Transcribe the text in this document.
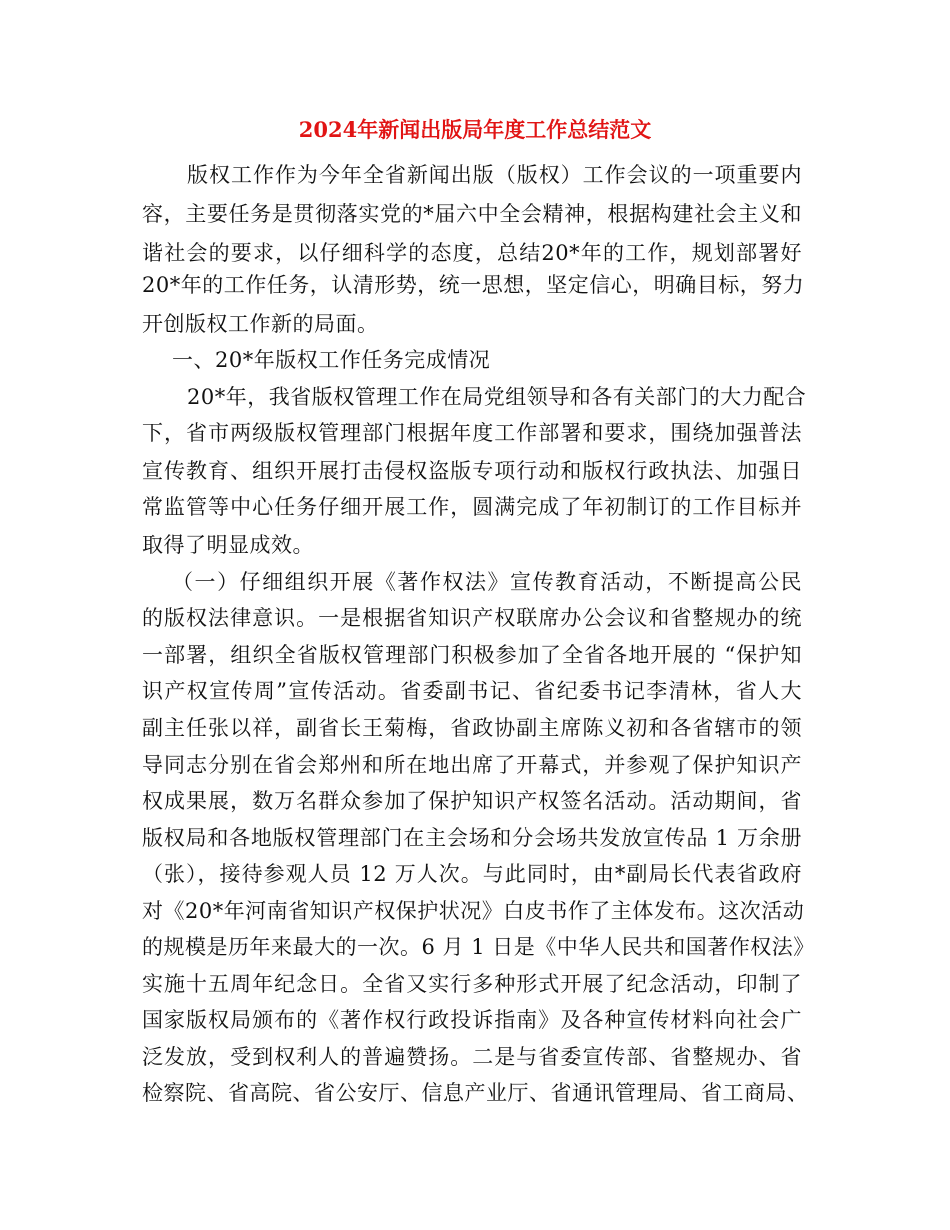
2024年新闻出版局年度工作总结范文
版权工作作为今年全省新闻出版（版权）工作会议的一项重要内
容，主要任务是贯彻落实党的*届六中全会精神，根据构建社会主义和
谐社会的要求，以仔细科学的态度，总结20*年的工作，规划部署好
20*年的工作任务，认清形势，统一思想，坚定信心，明确目标，努力
开创版权工作新的局面。
一、20*年版权工作任务完成情况
20*年，我省版权管理工作在局党组领导和各有关部门的大力配合
下，省市两级版权管理部门根据年度工作部署和要求，围绕加强普法
宣传教育、组织开展打击侵权盗版专项行动和版权行政执法、加强日
常监管等中心任务仔细开展工作，圆满完成了年初制订的工作目标并
取得了明显成效。
（一）仔细组织开展《著作权法》宣传教育活动，不断提高公民
的版权法律意识。一是根据省知识产权联席办公会议和省整规办的统
一部署，组织全省版权管理部门积极参加了全省各地开展的 “保护知
识产权宣传周”宣传活动。省委副书记、省纪委书记李清林，省人大
副主任张以祥，副省长王菊梅，省政协副主席陈义初和各省辖市的领
导同志分别在省会郑州和所在地出席了开幕式，并参观了保护知识产
权成果展，数万名群众参加了保护知识产权签名活动。活动期间，省
版权局和各地版权管理部门在主会场和分会场共发放宣传品 1 万余册
（张），接待参观人员 12 万人次。与此同时，由*副局长代表省政府
对《20*年河南省知识产权保护状况》白皮书作了主体发布。这次活动
的规模是历年来最大的一次。6 月 1 日是《中华人民共和国著作权法》
实施十五周年纪念日。全省又实行多种形式开展了纪念活动，印制了
国家版权局颁布的《著作权行政投诉指南》及各种宣传材料向社会广
泛发放，受到权利人的普遍赞扬。二是与省委宣传部、省整规办、省
检察院、省高院、省公安厅、信息产业厅、省通讯管理局、省工商局、
